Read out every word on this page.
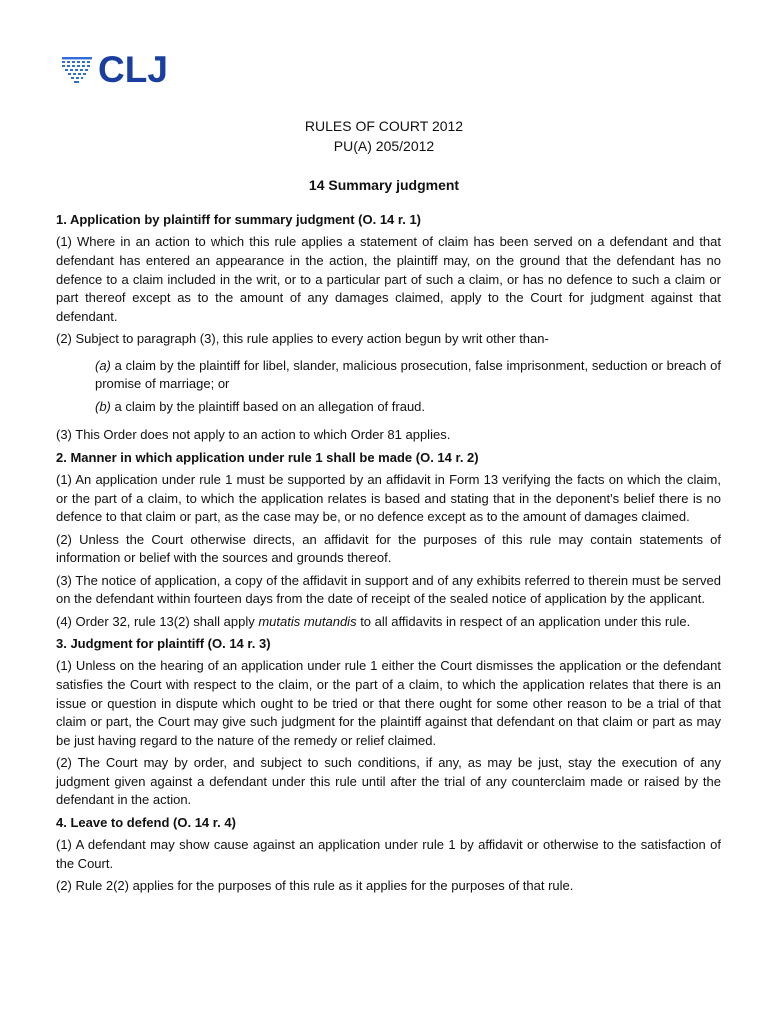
CLJ
RULES OF COURT 2012
PU(A) 205/2012
14 Summary judgment
1. Application by plaintiff for summary judgment (O. 14 r. 1)
(1) Where in an action to which this rule applies a statement of claim has been served on a defendant and that defendant has entered an appearance in the action, the plaintiff may, on the ground that the defendant has no defence to a claim included in the writ, or to a particular part of such a claim, or has no defence to such a claim or part thereof except as to the amount of any damages claimed, apply to the Court for judgment against that defendant.
(2) Subject to paragraph (3), this rule applies to every action begun by writ other than-
(a) a claim by the plaintiff for libel, slander, malicious prosecution, false imprisonment, seduction or breach of promise of marriage; or
(b) a claim by the plaintiff based on an allegation of fraud.
(3) This Order does not apply to an action to which Order 81 applies.
2. Manner in which application under rule 1 shall be made (O. 14 r. 2)
(1) An application under rule 1 must be supported by an affidavit in Form 13 verifying the facts on which the claim, or the part of a claim, to which the application relates is based and stating that in the deponent's belief there is no defence to that claim or part, as the case may be, or no defence except as to the amount of damages claimed.
(2) Unless the Court otherwise directs, an affidavit for the purposes of this rule may contain statements of information or belief with the sources and grounds thereof.
(3) The notice of application, a copy of the affidavit in support and of any exhibits referred to therein must be served on the defendant within fourteen days from the date of receipt of the sealed notice of application by the applicant.
(4) Order 32, rule 13(2) shall apply mutatis mutandis to all affidavits in respect of an application under this rule.
3. Judgment for plaintiff (O. 14 r. 3)
(1) Unless on the hearing of an application under rule 1 either the Court dismisses the application or the defendant satisfies the Court with respect to the claim, or the part of a claim, to which the application relates that there is an issue or question in dispute which ought to be tried or that there ought for some other reason to be a trial of that claim or part, the Court may give such judgment for the plaintiff against that defendant on that claim or part as may be just having regard to the nature of the remedy or relief claimed.
(2) The Court may by order, and subject to such conditions, if any, as may be just, stay the execution of any judgment given against a defendant under this rule until after the trial of any counterclaim made or raised by the defendant in the action.
4. Leave to defend (O. 14 r. 4)
(1) A defendant may show cause against an application under rule 1 by affidavit or otherwise to the satisfaction of the Court.
(2) Rule 2(2) applies for the purposes of this rule as it applies for the purposes of that rule.
